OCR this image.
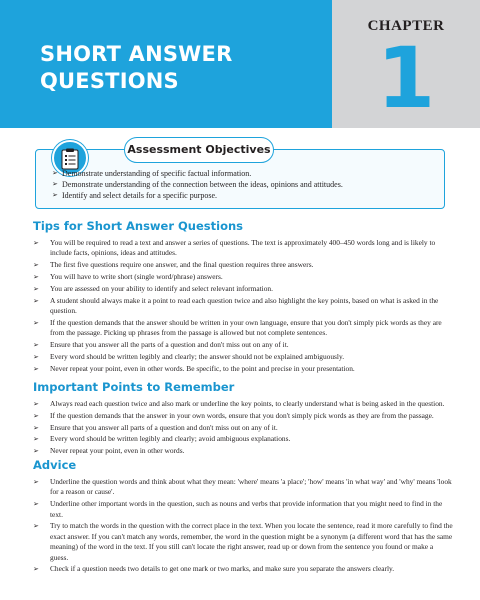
SHORT ANSWER
QUESTIONS
CHAPTER
1
Assessment Objectives
➢ Demonstrate understanding of specific factual information.
➢ Demonstrate understanding of the connection between the ideas, opinions and attitudes.
➢ Identify and select details for a specific purpose.
Tips for Short Answer Questions
➢ You will be required to read a text and answer a series of questions. The text is approximately 400–450 words long and is likely to include facts, opinions, ideas and attitudes.
➢ The first five questions require one answer, and the final question requires three answers.
➢ You will have to write short (single word/phrase) answers.
➢ You are assessed on your ability to identify and select relevant information.
➢ A student should always make it a point to read each question twice and also highlight the key points, based on what is asked in the question.
➢ If the question demands that the answer should be written in your own language, ensure that you don't simply pick words as they are from the passage. Picking up phrases from the passage is allowed but not complete sentences.
➢ Ensure that you answer all the parts of a question and don't miss out on any of it.
➢ Every word should be written legibly and clearly; the answer should not be explained ambiguously.
➢ Never repeat your point, even in other words. Be specific, to the point and precise in your presentation.
Important Points to Remember
➢ Always read each question twice and also mark or underline the key points, to clearly understand what is being asked in the question.
➢ If the question demands that the answer in your own words, ensure that you don't simply pick words as they are from the passage.
➢ Ensure that you answer all parts of a question and don't miss out on any of it.
➢ Every word should be written legibly and clearly; avoid ambiguous explanations.
➢ Never repeat your point, even in other words.
Advice
➢ Underline the question words and think about what they mean: 'where' means 'a place'; 'how' means 'in what way' and 'why' means 'look for a reason or cause'.
➢ Underline other important words in the question, such as nouns and verbs that provide information that you might need to find in the text.
➢ Try to match the words in the question with the correct place in the text. When you locate the sentence, read it more carefully to find the exact answer. If you can't match any words, remember, the word in the question might be a synonym (a different word that has the same meaning) of the word in the text. If you still can't locate the right answer, read up or down from the sentence you found or make a guess.
➢ Check if a question needs two details to get one mark or two marks, and make sure you separate the answers clearly.
